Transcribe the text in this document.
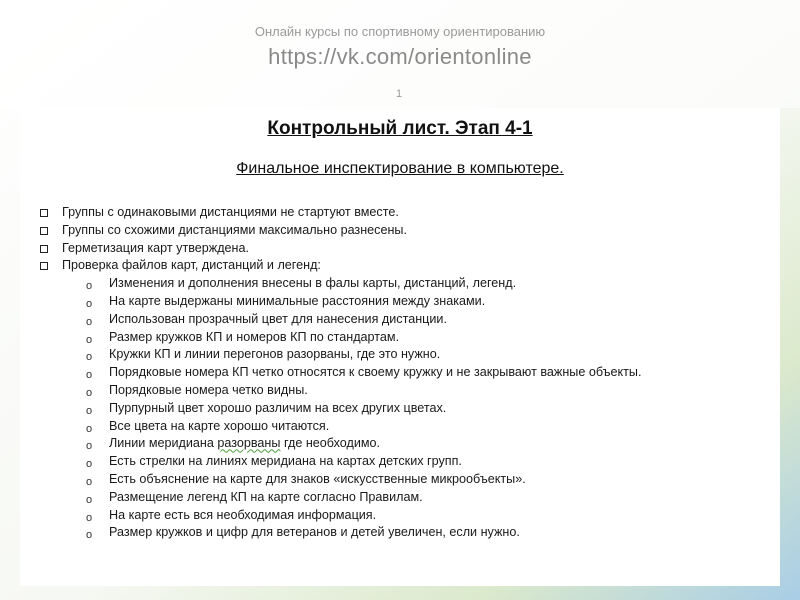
Онлайн курсы по спортивному ориентированию
https://vk.com/orientonline
1
Контрольный лист. Этап 4-1
Финальное инспектирование в компьютере.
Группы с одинаковыми дистанциями не стартуют вместе.
Группы со схожими дистанциями максимально разнесены.
Герметизация карт утверждена.
Проверка файлов карт, дистанций и легенд:
o Изменения и дополнения внесены в фалы карты, дистанций, легенд.
o На карте выдержаны минимальные расстояния между знаками.
o Использован прозрачный цвет для нанесения дистанции.
o Размер кружков КП и номеров КП по стандартам.
o Кружки КП и линии перегонов разорваны, где это нужно.
o Порядковые номера КП четко относятся к своему кружку и не закрывают важные объекты.
o Порядковые номера четко видны.
o Пурпурный цвет хорошо различим на всех других цветах.
o Все цвета на карте хорошо читаются.
o Линии меридиана разорваны где необходимо.
o Есть стрелки на линиях меридиана на картах детских групп.
o Есть объяснение на карте для знаков «искусственные микрообъекты».
o Размещение легенд КП на карте согласно Правилам.
o На карте есть вся необходимая информация.
o Размер кружков и цифр для ветеранов и детей увеличен, если нужно.
